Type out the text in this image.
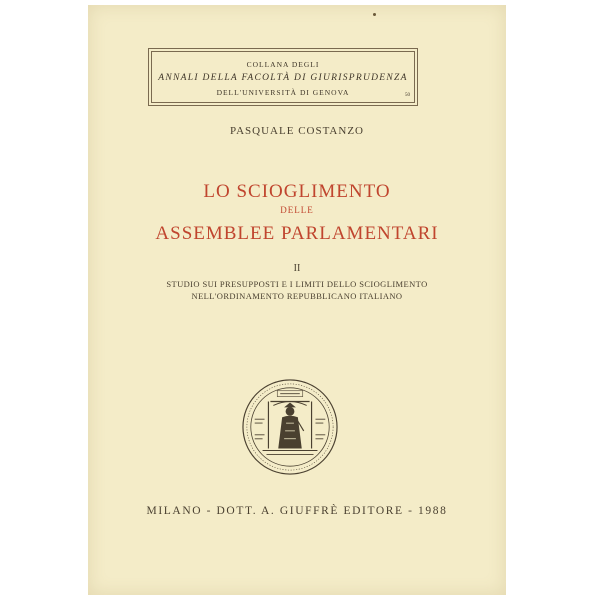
COLLANA DEGLI
ANNALI DELLA FACOLTÀ DI GIURISPRUDENZA
DELL'UNIVERSITÀ DI GENOVA	50
PASQUALE COSTANZO
LO SCIOGLIMENTO
DELLE
ASSEMBLEE PARLAMENTARI
II
STUDIO SUI PRESUPPOSTI E I LIMITI DELLO SCIOGLIMENTO
NELL'ORDINAMENTO REPUBBLICANO ITALIANO
MILANO - DOTT. A. GIUFFRÈ EDITORE - 1988
